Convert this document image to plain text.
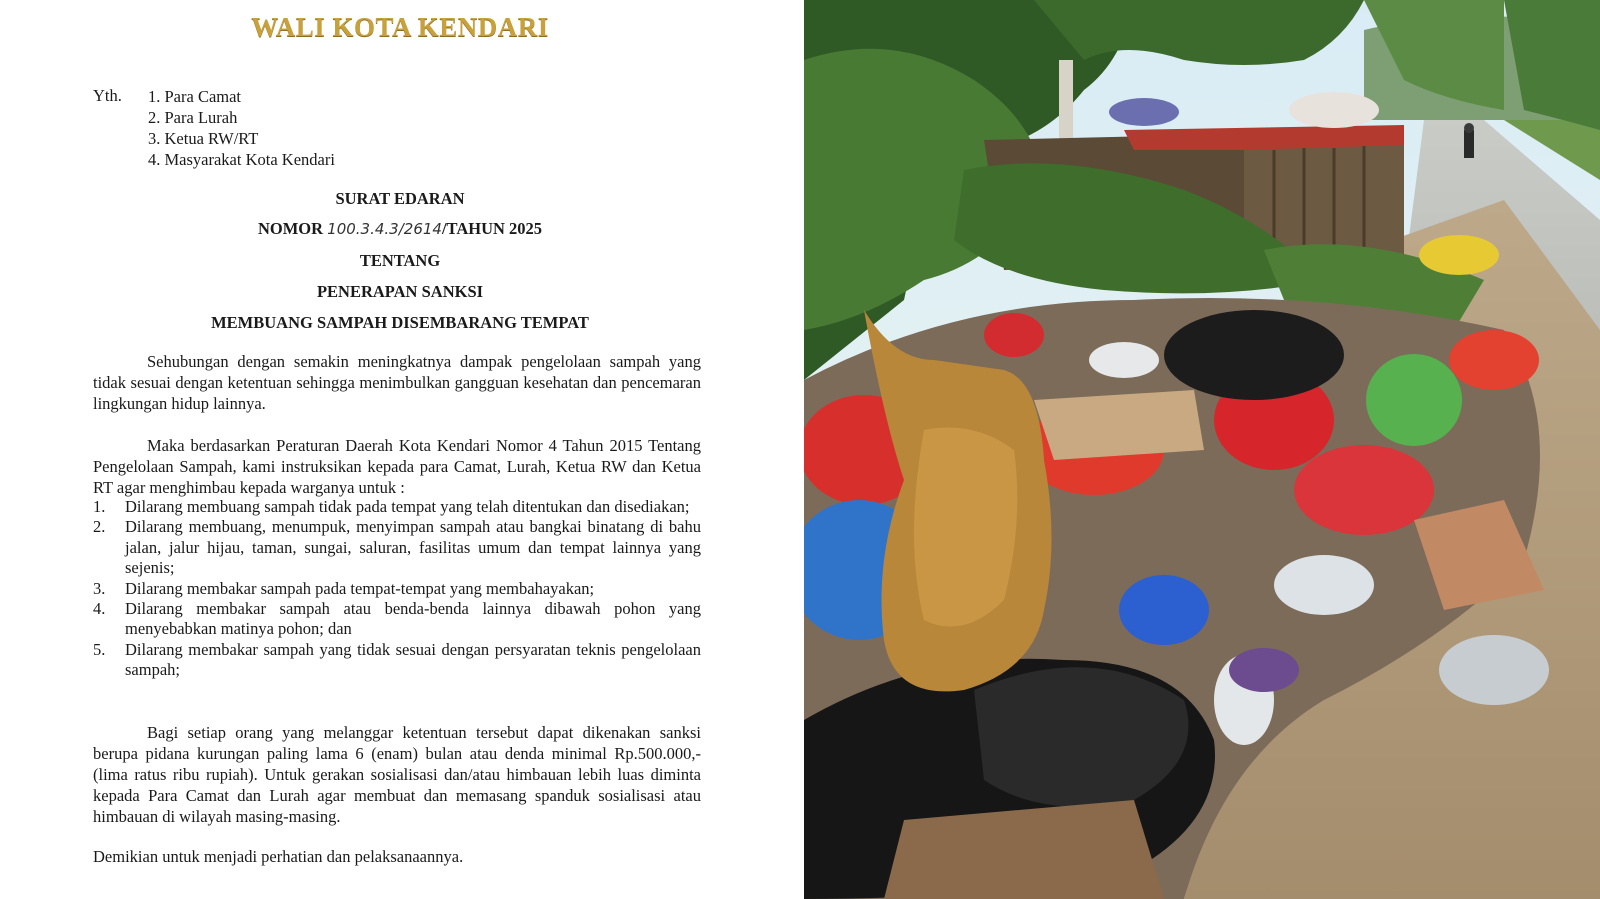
WALI KOTA KENDARI
Yth. 1. Para Camat
2. Para Lurah
3. Ketua RW/RT
4. Masyarakat Kota Kendari
SURAT EDARAN
NOMOR 100.3.4.3/2614/TAHUN 2025
TENTANG
PENERAPAN SANKSI
MEMBUANG SAMPAH DISEMBARANG TEMPAT

Sehubungan dengan semakin meningkatnya dampak pengelolaan sampah yang tidak sesuai dengan ketentuan sehingga menimbulkan gangguan kesehatan dan pencemaran lingkungan hidup lainnya.

Maka berdasarkan Peraturan Daerah Kota Kendari Nomor 4 Tahun 2015 Tentang Pengelolaan Sampah, kami instruksikan kepada para Camat, Lurah, Ketua RW dan Ketua RT agar menghimbau kepada warganya untuk :

1.	Dilarang membuang sampah tidak pada tempat yang telah ditentukan dan disediakan;
2.	Dilarang membuang, menumpuk, menyimpan sampah atau bangkai binatang di bahu jalan, jalur hijau, taman, sungai, saluran, fasilitas umum dan tempat lainnya yang sejenis;
3.	Dilarang membakar sampah pada tempat-tempat yang membahayakan;
4.	Dilarang membakar sampah atau benda-benda lainnya dibawah pohon yang menyebabkan matinya pohon; dan
5.	Dilarang membakar sampah yang tidak sesuai dengan persyaratan teknis pengelolaan sampah;

Bagi setiap orang yang melanggar ketentuan tersebut dapat dikenakan sanksi berupa pidana kurungan paling lama 6 (enam) bulan atau denda minimal Rp.500.000,- (lima ratus ribu rupiah). Untuk gerakan sosialisasi dan/atau himbauan lebih luas diminta kepada Para Camat dan Lurah agar membuat dan memasang spanduk sosialisasi atau himbauan di wilayah masing-masing.

Demikian untuk menjadi perhatian dan pelaksanaannya.
